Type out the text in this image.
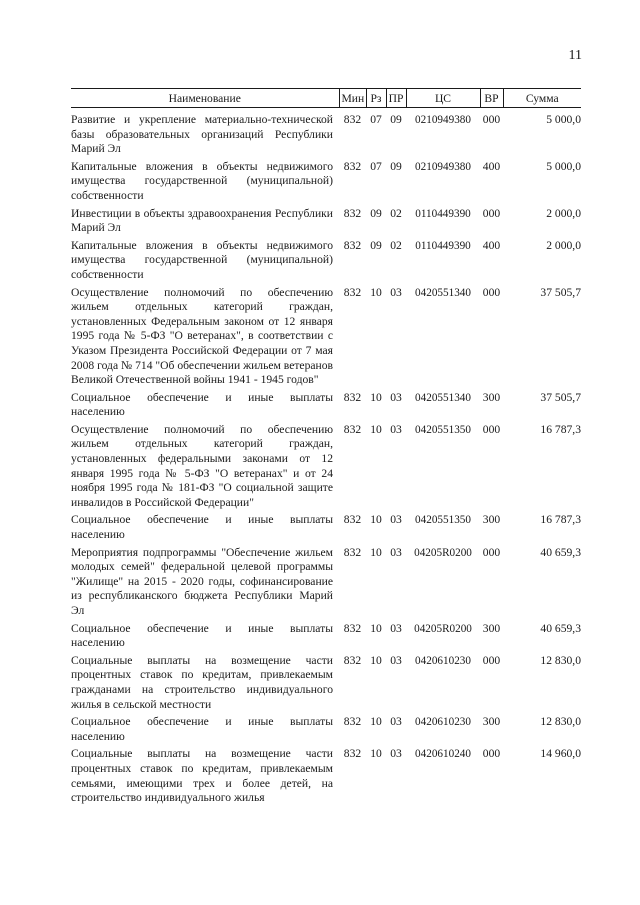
11
Наименование	Мин	Рз	ПР	ЦС	ВР	Сумма
Развитие и укрепление материально-технической базы образовательных организаций Республики Марий Эл	832	07	09	0210949380	000	5 000,0
Капитальные вложения в объекты недвижимого имущества государственной (муниципальной) собственности	832	07	09	0210949380	400	5 000,0
Инвестиции в объекты здравоохранения Республики Марий Эл	832	09	02	0110449390	000	2 000,0
Капитальные вложения в объекты недвижимого имущества государственной (муниципальной) собственности	832	09	02	0110449390	400	2 000,0
Осуществление полномочий по обеспечению жильем отдельных категорий граждан, установленных Федеральным законом от 12 января 1995 года № 5-ФЗ "О ветеранах", в соответствии с Указом Президента Российской Федерации от 7 мая 2008 года № 714 "Об обеспечении жильем ветеранов Великой Отечественной войны 1941 - 1945 годов"	832	10	03	0420551340	000	37 505,7
Социальное обеспечение и иные выплаты населению	832	10	03	0420551340	300	37 505,7
Осуществление полномочий по обеспечению жильем отдельных категорий граждан, установленных федеральными законами от 12 января 1995 года № 5-ФЗ "О ветеранах" и от 24 ноября 1995 года № 181-ФЗ "О социальной защите инвалидов в Российской Федерации"	832	10	03	0420551350	000	16 787,3
Социальное обеспечение и иные выплаты населению	832	10	03	0420551350	300	16 787,3
Мероприятия подпрограммы "Обеспечение жильем молодых семей" федеральной целевой программы "Жилище" на 2015 - 2020 годы, софинансирование из республиканского бюджета Республики Марий Эл	832	10	03	04205R0200	000	40 659,3
Социальное обеспечение и иные выплаты населению	832	10	03	04205R0200	300	40 659,3
Социальные выплаты на возмещение части процентных ставок по кредитам, привлекаемым гражданами на строительство индивидуального жилья в сельской местности	832	10	03	0420610230	000	12 830,0
Социальное обеспечение и иные выплаты населению	832	10	03	0420610230	300	12 830,0
Социальные выплаты на возмещение части процентных ставок по кредитам, привлекаемым семьями, имеющими трех и более детей, на строительство индивидуального жилья	832	10	03	0420610240	000	14 960,0
